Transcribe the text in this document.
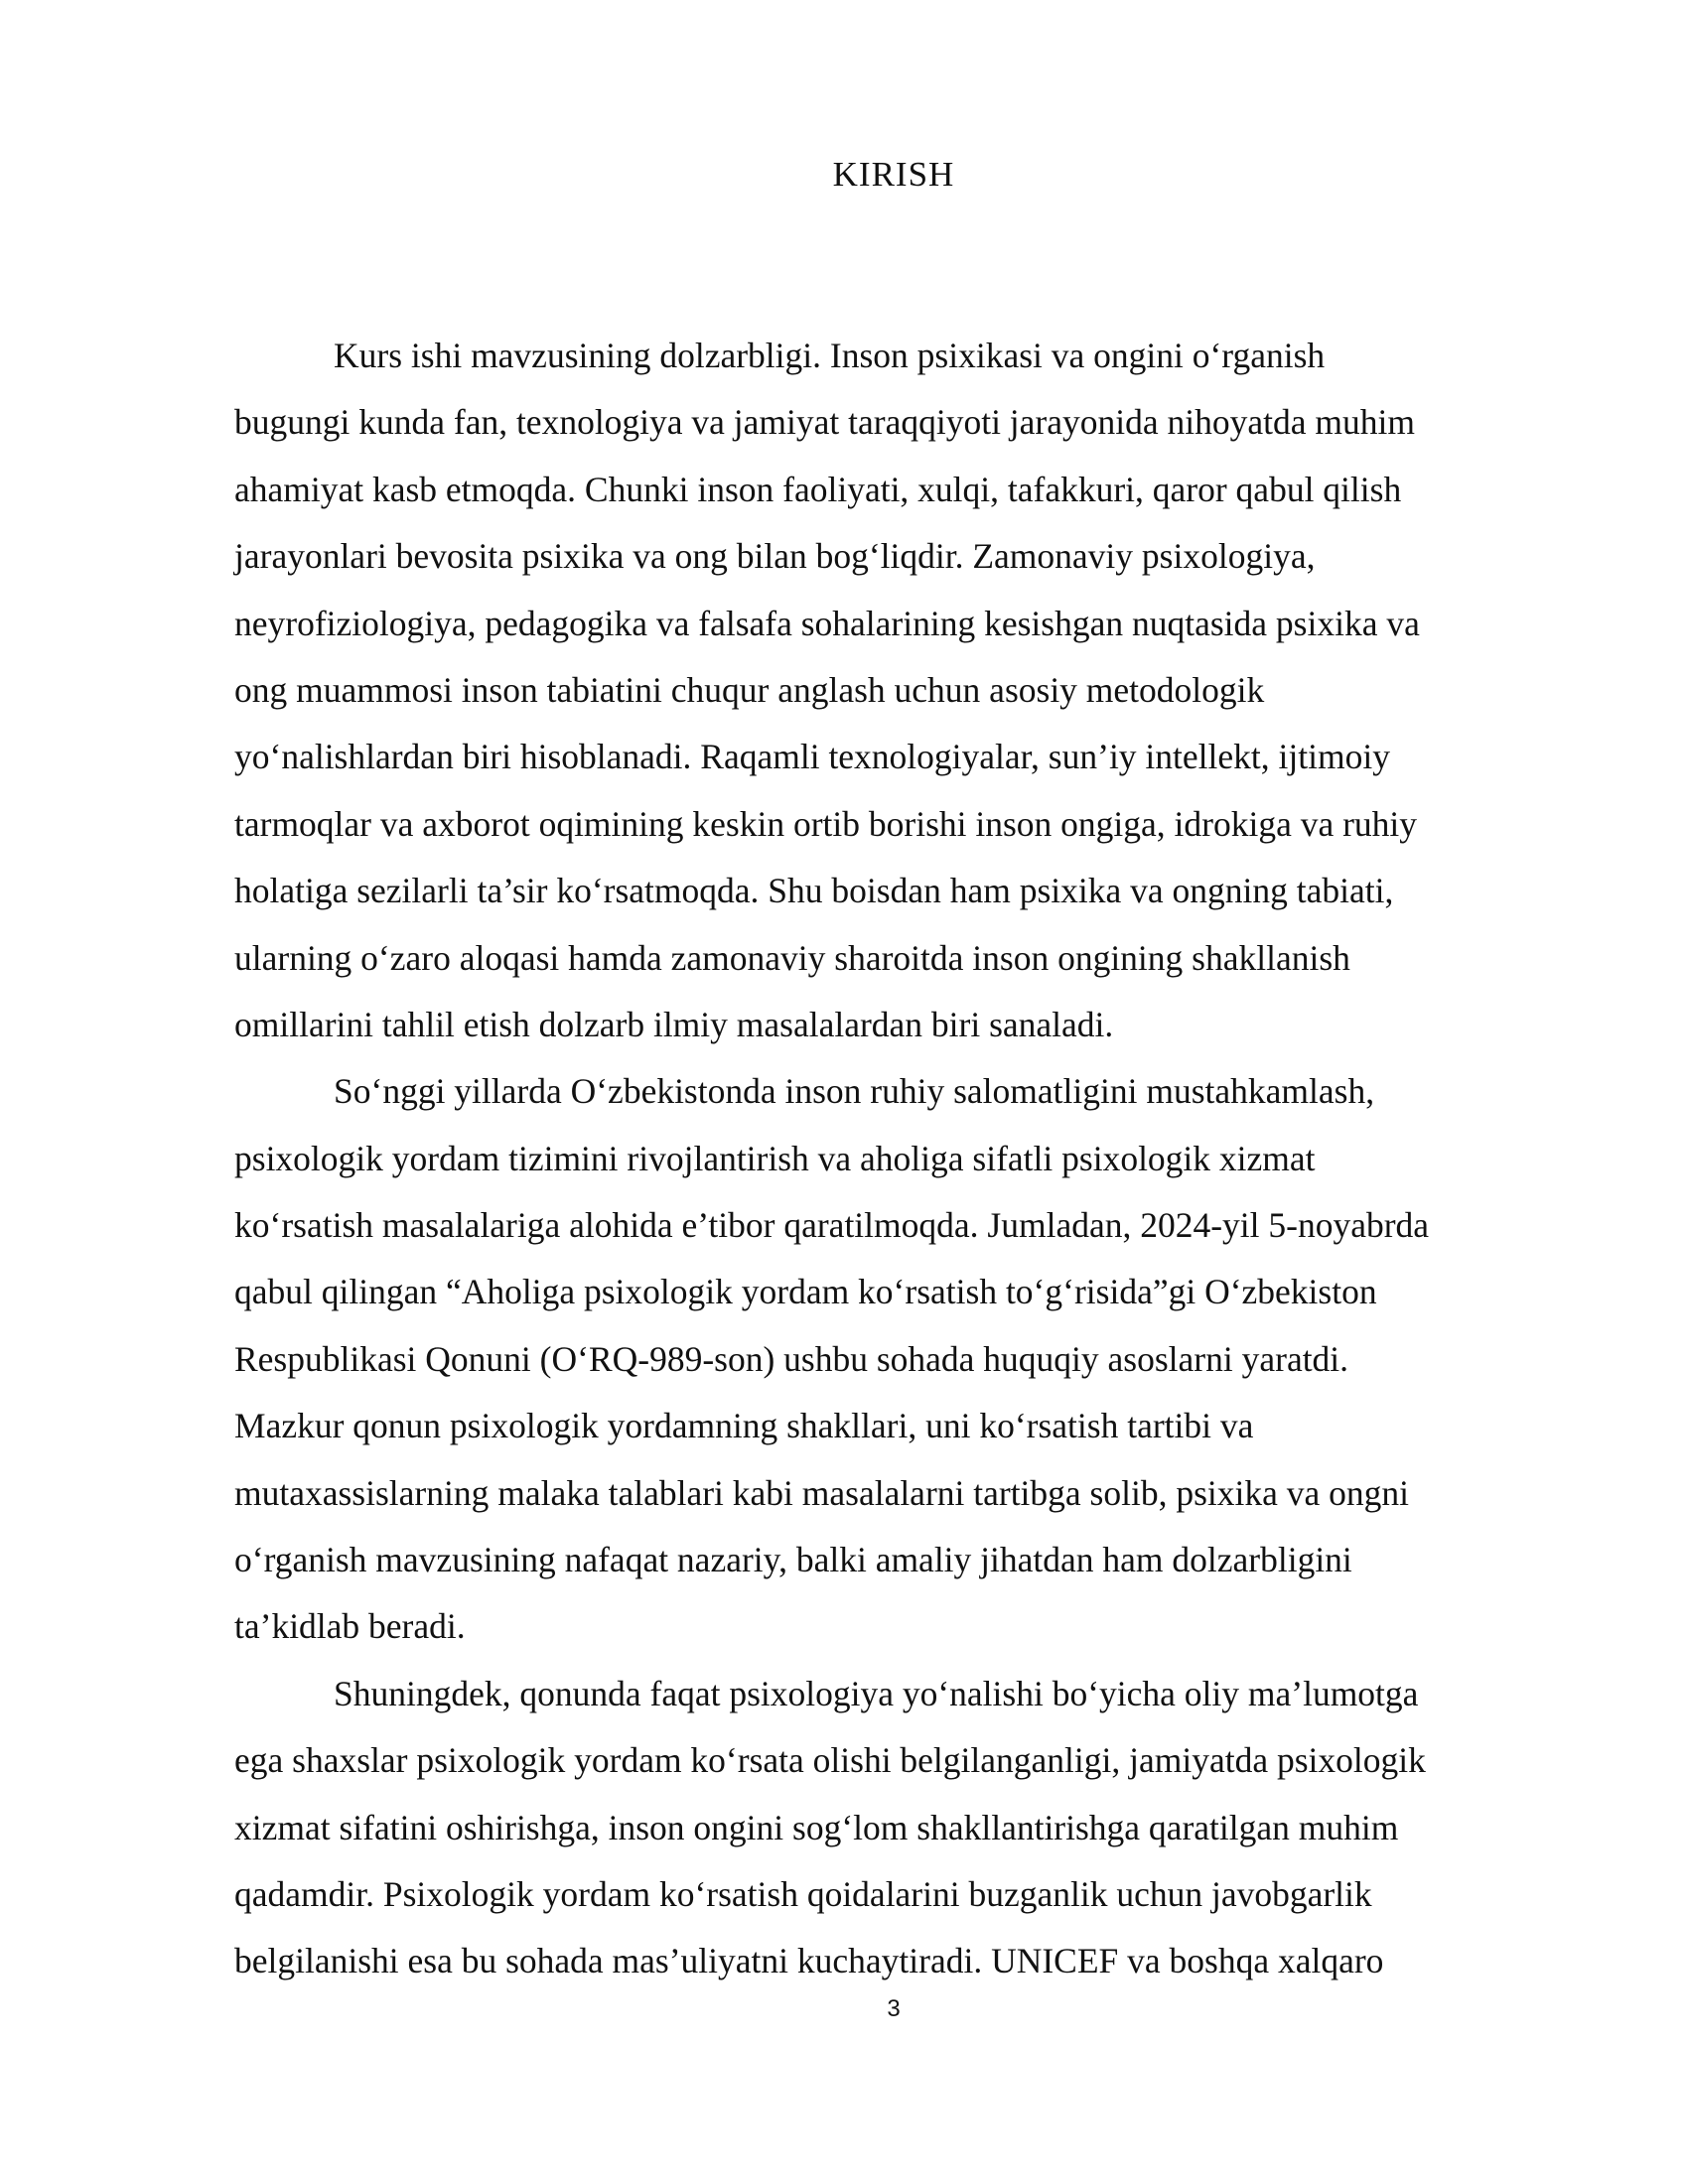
KIRISH
Kurs ishi mavzusining dolzarbligi. Inson psixikasi va ongini o‘rganish
bugungi kunda fan, texnologiya va jamiyat taraqqiyoti jarayonida nihoyatda muhim
ahamiyat kasb etmoqda. Chunki inson faoliyati, xulqi, tafakkuri, qaror qabul qilish
jarayonlari bevosita psixika va ong bilan bog‘liqdir. Zamonaviy psixologiya,
neyrofiziologiya, pedagogika va falsafa sohalarining kesishgan nuqtasida psixika va
ong muammosi inson tabiatini chuqur anglash uchun asosiy metodologik
yo‘nalishlardan biri hisoblanadi. Raqamli texnologiyalar, sun’iy intellekt, ijtimoiy
tarmoqlar va axborot oqimining keskin ortib borishi inson ongiga, idrokiga va ruhiy
holatiga sezilarli ta’sir ko‘rsatmoqda. Shu boisdan ham psixika va ongning tabiati,
ularning o‘zaro aloqasi hamda zamonaviy sharoitda inson ongining shakllanish
omillarini tahlil etish dolzarb ilmiy masalalardan biri sanaladi.
So‘nggi yillarda O‘zbekistonda inson ruhiy salomatligini mustahkamlash,
psixologik yordam tizimini rivojlantirish va aholiga sifatli psixologik xizmat
ko‘rsatish masalalariga alohida e’tibor qaratilmoqda. Jumladan, 2024-yil 5-noyabrda
qabul qilingan “Aholiga psixologik yordam ko‘rsatish to‘g‘risida”gi O‘zbekiston
Respublikasi Qonuni (O‘RQ-989-son) ushbu sohada huquqiy asoslarni yaratdi.
Mazkur qonun psixologik yordamning shakllari, uni ko‘rsatish tartibi va
mutaxassislarning malaka talablari kabi masalalarni tartibga solib, psixika va ongni
o‘rganish mavzusining nafaqat nazariy, balki amaliy jihatdan ham dolzarbligini
ta’kidlab beradi.
Shuningdek, qonunda faqat psixologiya yo‘nalishi bo‘yicha oliy ma’lumotga
ega shaxslar psixologik yordam ko‘rsata olishi belgilanganligi, jamiyatda psixologik
xizmat sifatini oshirishga, inson ongini sog‘lom shakllantirishga qaratilgan muhim
qadamdir. Psixologik yordam ko‘rsatish qoidalarini buzganlik uchun javobgarlik
belgilanishi esa bu sohada mas’uliyatni kuchaytiradi. UNICEF va boshqa xalqaro
3
